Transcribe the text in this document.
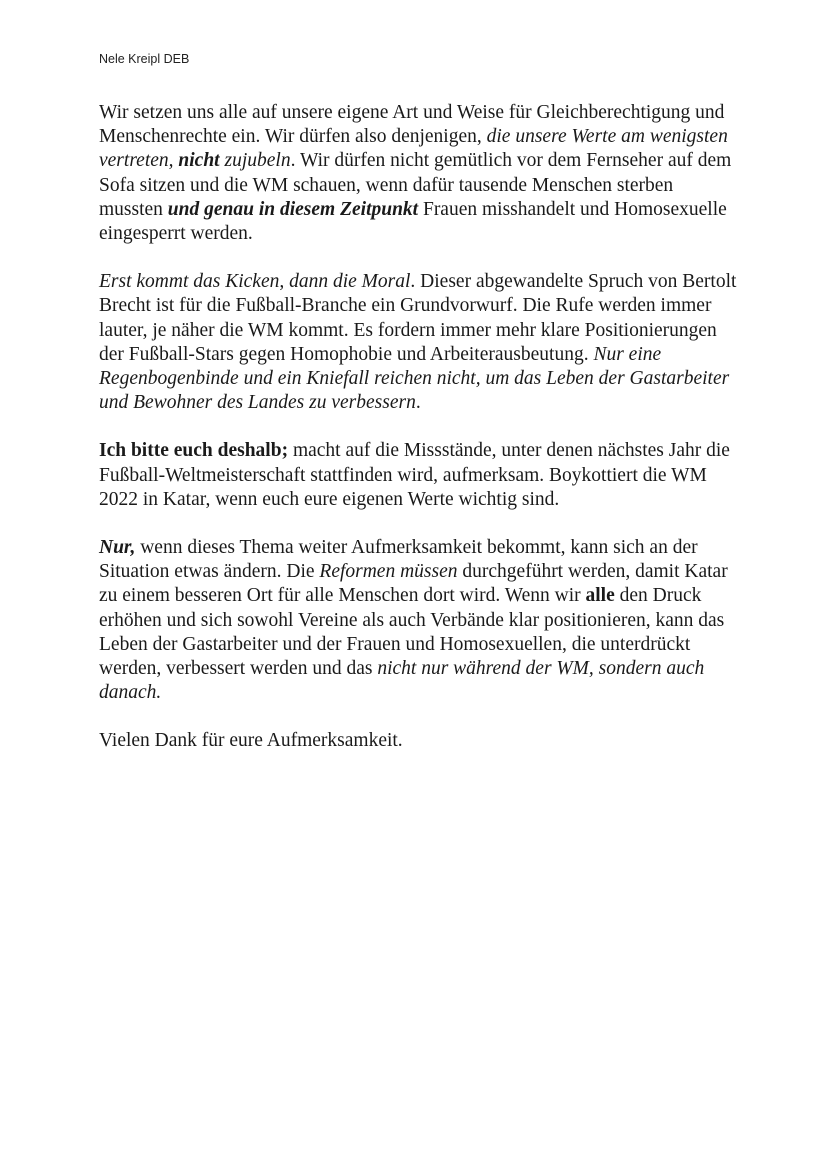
Nele Kreipl DEB

Wir setzen uns alle auf unsere eigene Art und Weise für Gleichberechtigung und Menschenrechte ein. Wir dürfen also denjenigen, die unsere Werte am wenigsten vertreten, nicht zujubeln. Wir dürfen nicht gemütlich vor dem Fernseher auf dem Sofa sitzen und die WM schauen, wenn dafür tausende Menschen sterben mussten und genau in diesem Zeitpunkt Frauen misshandelt und Homosexuelle eingesperrt werden.

Erst kommt das Kicken, dann die Moral. Dieser abgewandelte Spruch von Bertolt Brecht ist für die Fußball-Branche ein Grundvorwurf. Die Rufe werden immer lauter, je näher die WM kommt. Es fordern immer mehr klare Positionierungen der Fußball-Stars gegen Homophobie und Arbeiterausbeutung. Nur eine Regenbogenbinde und ein Kniefall reichen nicht, um das Leben der Gastarbeiter und Bewohner des Landes zu verbessern.

Ich bitte euch deshalb; macht auf die Missstände, unter denen nächstes Jahr die Fußball-Weltmeisterschaft stattfinden wird, aufmerksam. Boykottiert die WM 2022 in Katar, wenn euch eure eigenen Werte wichtig sind.

Nur, wenn dieses Thema weiter Aufmerksamkeit bekommt, kann sich an der Situation etwas ändern. Die Reformen müssen durchgeführt werden, damit Katar zu einem besseren Ort für alle Menschen dort wird. Wenn wir alle den Druck erhöhen und sich sowohl Vereine als auch Verbände klar positionieren, kann das Leben der Gastarbeiter und der Frauen und Homosexuellen, die unterdrückt werden, verbessert werden und das nicht nur während der WM, sondern auch danach.

Vielen Dank für eure Aufmerksamkeit.
